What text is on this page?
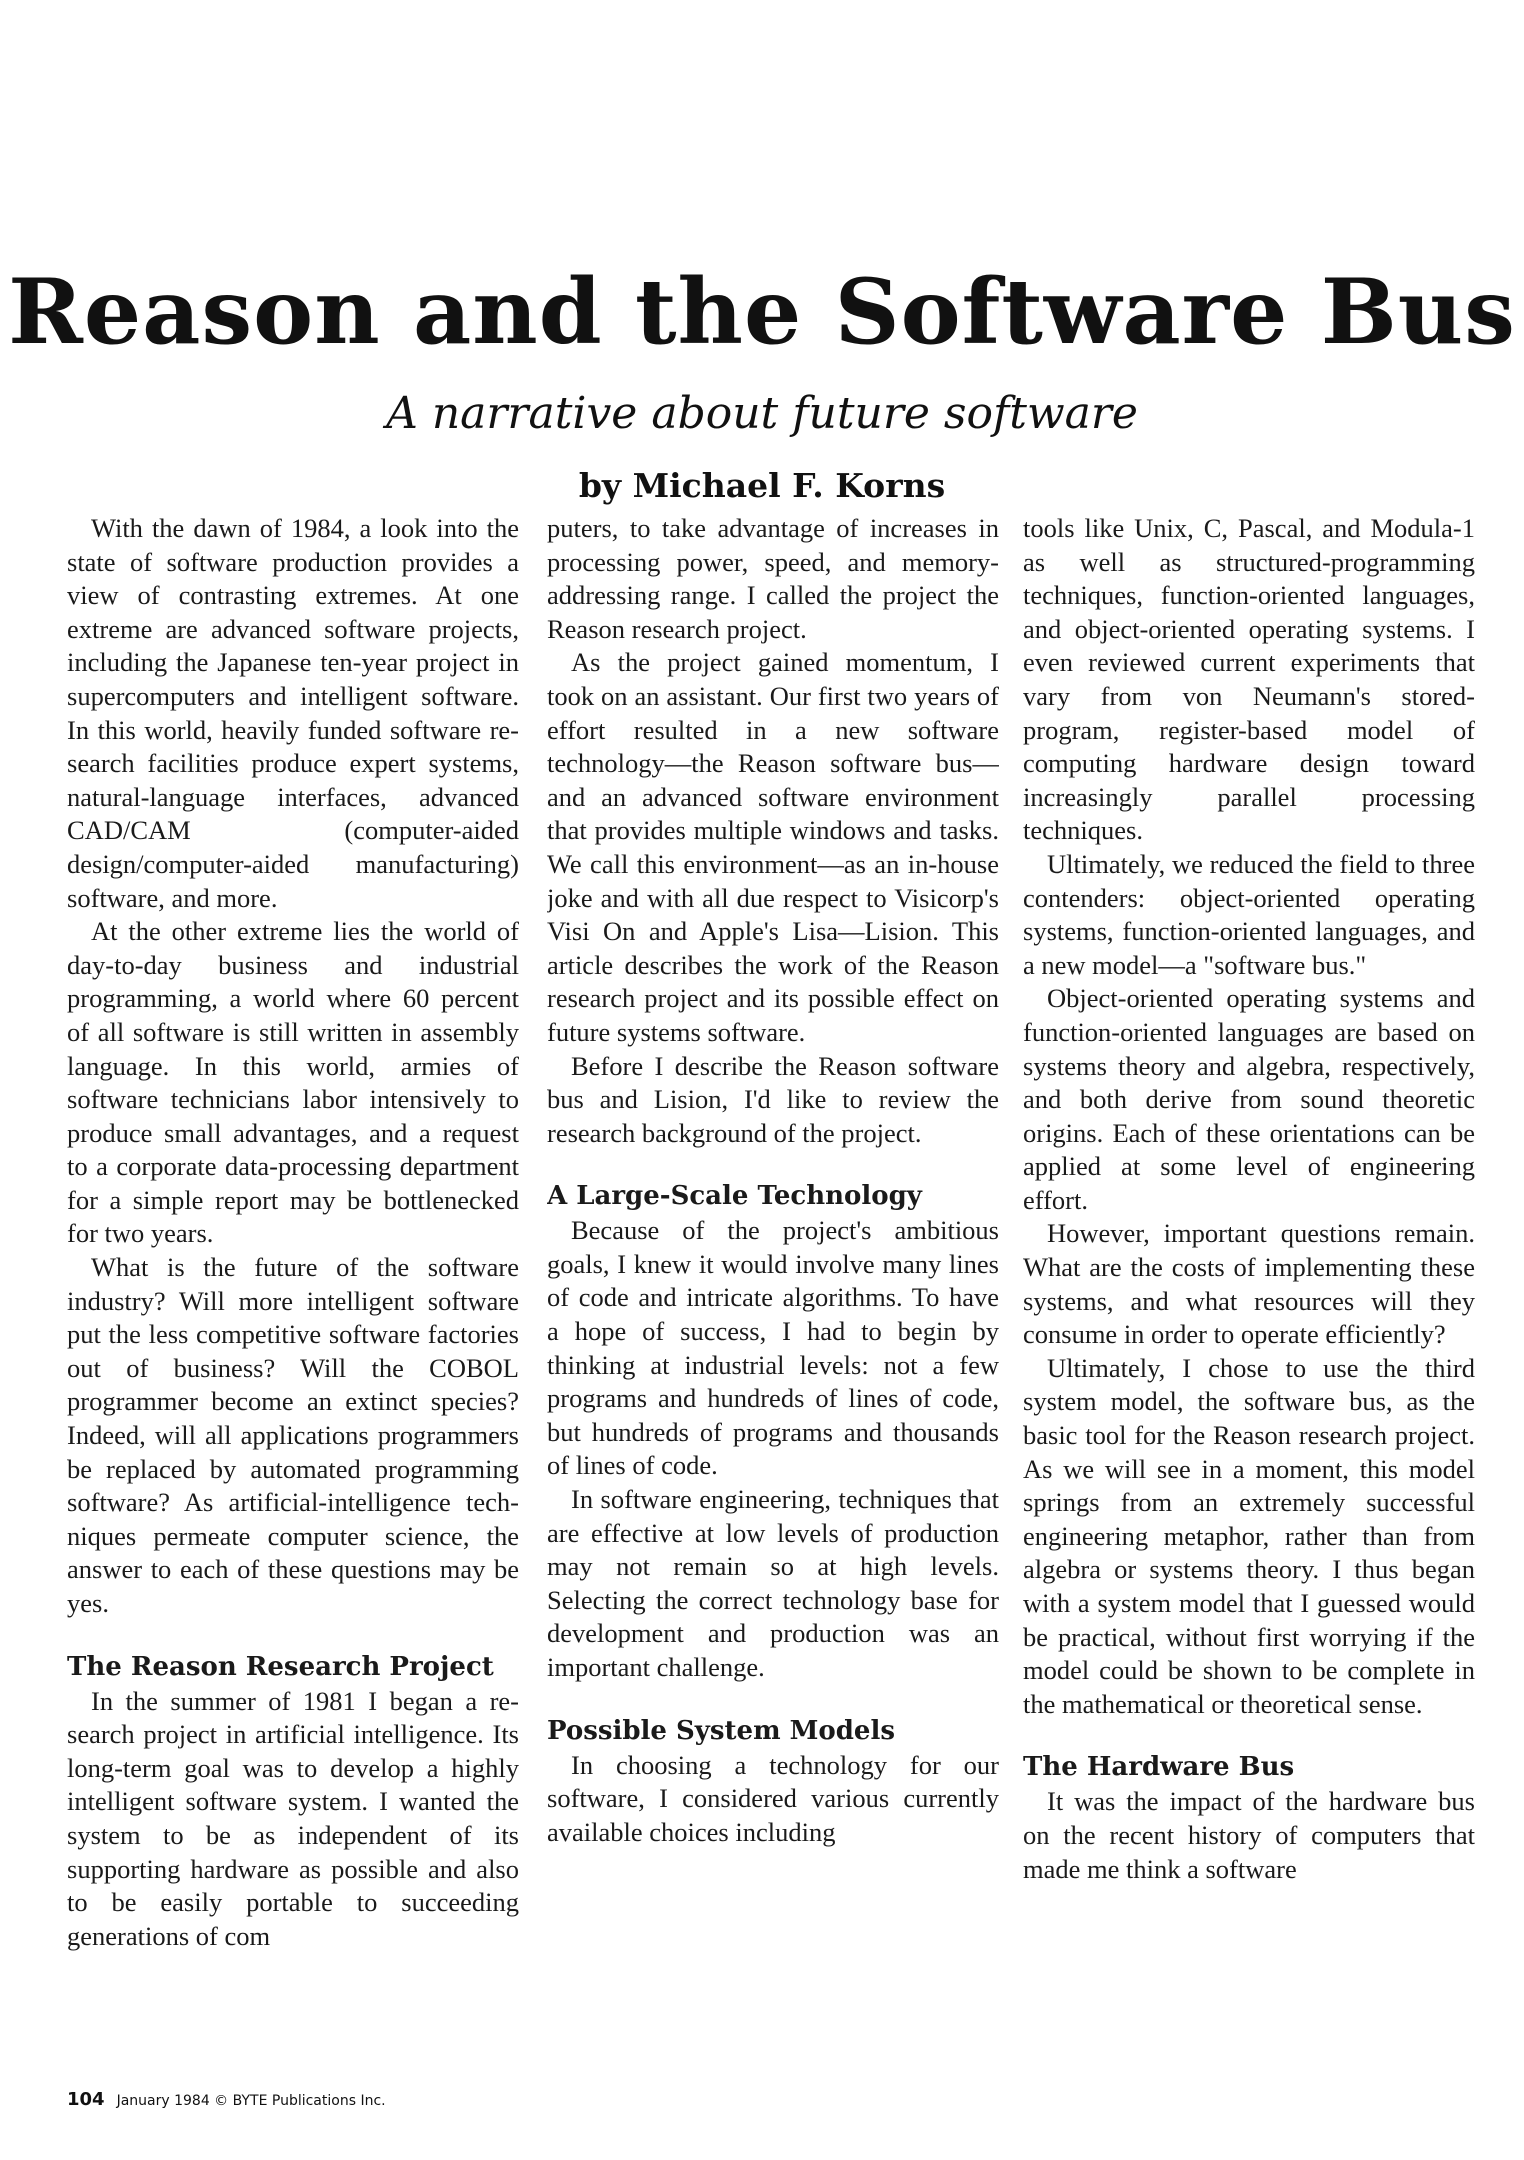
Reason and the Software Bus
A narrative about future software
by Michael F. Korns

With the dawn of 1984, a look into the state of software production provides a view of contrasting extremes. At one extreme are advanced software projects, including the Japanese ten-year project in supercomputers and intelligent software. In this world, heavily funded software research facilities produce expert systems, natural-language interfaces, advanced CAD/CAM (computer-aided design/computer-aided manufacturing) software, and more.

At the other extreme lies the world of day-to-day business and industrial programming, a world where 60 percent of all software is still written in assembly language. In this world, armies of software technicians labor intensively to produce small advantages, and a request to a corporate data-processing department for a simple report may be bottlenecked for two years.

What is the future of the software industry? Will more intelligent software put the less competitive software factories out of business? Will the COBOL programmer become an extinct species? Indeed, will all applications programmers be replaced by automated programming software? As artificial-intelligence techniques permeate computer science, the answer to each of these questions may be yes.

The Reason Research Project

In the summer of 1981 I began a research project in artificial intelligence. Its long-term goal was to develop a highly intelligent software system. I wanted the system to be as independent of its supporting hardware as possible and also to be easily portable to succeeding generations of com

puters, to take advantage of increases in processing power, speed, and memory-addressing range. I called the project the Reason research project.

As the project gained momentum, I took on an assistant. Our first two years of effort resulted in a new software technology—the Reason software bus—and an advanced software environment that provides multiple windows and tasks. We call this environment—as an in-house joke and with all due respect to Visicorp's Visi On and Apple's Lisa—Lision. This article describes the work of the Reason research project and its possible effect on future systems software.

Before I describe the Reason software bus and Lision, I'd like to review the research background of the project.

A Large-Scale Technology

Because of the project's ambitious goals, I knew it would involve many lines of code and intricate algorithms. To have a hope of success, I had to begin by thinking at industrial levels: not a few programs and hundreds of lines of code, but hundreds of programs and thousands of lines of code.

In software engineering, techniques that are effective at low levels of production may not remain so at high levels. Selecting the correct technology base for development and production was an important challenge.

Possible System Models

In choosing a technology for our software, I considered various currently available choices including

tools like Unix, C, Pascal, and Modula-1 as well as structured-programming techniques, function-oriented languages, and object-oriented operating systems. I even reviewed current experiments that vary from von Neumann's stored-program, register-based model of computing hardware design toward increasingly parallel processing techniques.

Ultimately, we reduced the field to three contenders: object-oriented operating systems, function-oriented languages, and a new model—a "software bus."

Object-oriented operating systems and function-oriented languages are based on systems theory and algebra, respectively, and both derive from sound theoretic origins. Each of these orientations can be applied at some level of engineering effort.

However, important questions remain. What are the costs of implementing these systems, and what resources will they consume in order to operate efficiently?

Ultimately, I chose to use the third system model, the software bus, as the basic tool for the Reason research project. As we will see in a moment, this model springs from an extremely successful engineering metaphor, rather than from algebra or systems theory. I thus began with a system model that I guessed would be practical, without first worrying if the model could be shown to be complete in the mathematical or theoretical sense.

The Hardware Bus

It was the impact of the hardware bus on the recent history of computers that made me think a software

104 January 1984 © BYTE Publications Inc.
